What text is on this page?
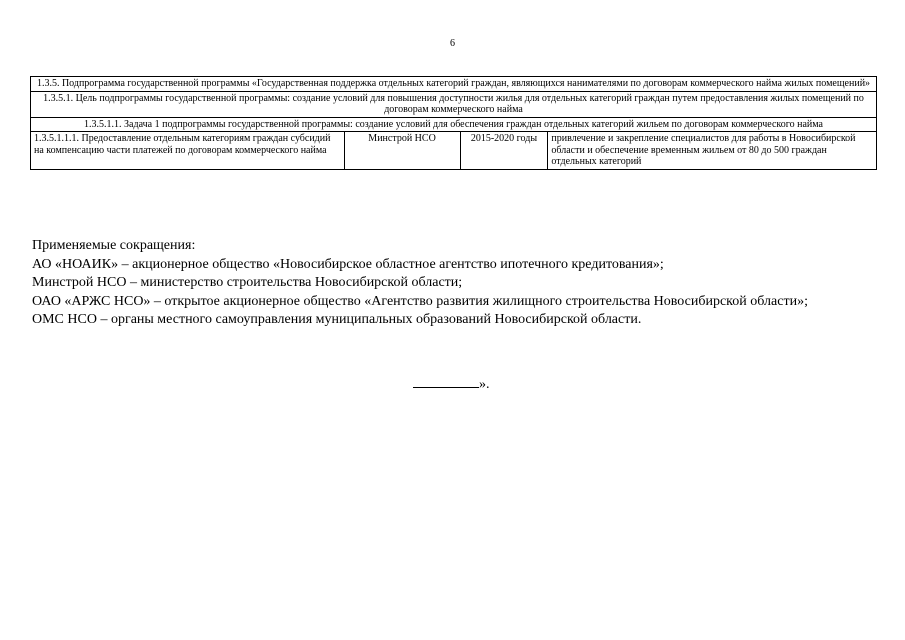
6
1.3.5. Подпрограмма государственной программы «Государственная поддержка отдельных категорий граждан, являющихся нанимателями по договорам коммерческого найма жилых помещений»
1.3.5.1. Цель подпрограммы государственной программы: создание условий для повышения доступности жилья для отдельных категорий граждан путем предоставления жилых помещений по договорам коммерческого найма
1.3.5.1.1. Задача 1 подпрограммы государственной программы: создание условий для обеспечения граждан отдельных категорий жильем по договорам коммерческого найма
1.3.5.1.1.1. Предоставление отдельным категориям граждан субсидий на компенсацию части платежей по договорам коммерческого найма	Минстрой НСО	2015-2020 годы	привлечение и закрепление специалистов для работы в Новосибирской области и обеспечение временным жильем от 80 до 500 граждан отдельных категорий
Применяемые сокращения:
АО «НОАИК» – акционерное общество «Новосибирское областное агентство ипотечного кредитования»;
Минстрой НСО – министерство строительства Новосибирской области;
ОАО «АРЖС НСО» – открытое акционерное общество «Агентство развития жилищного строительства Новосибирской области»;
ОМС НСО – органы местного самоуправления муниципальных образований Новосибирской области.
».
